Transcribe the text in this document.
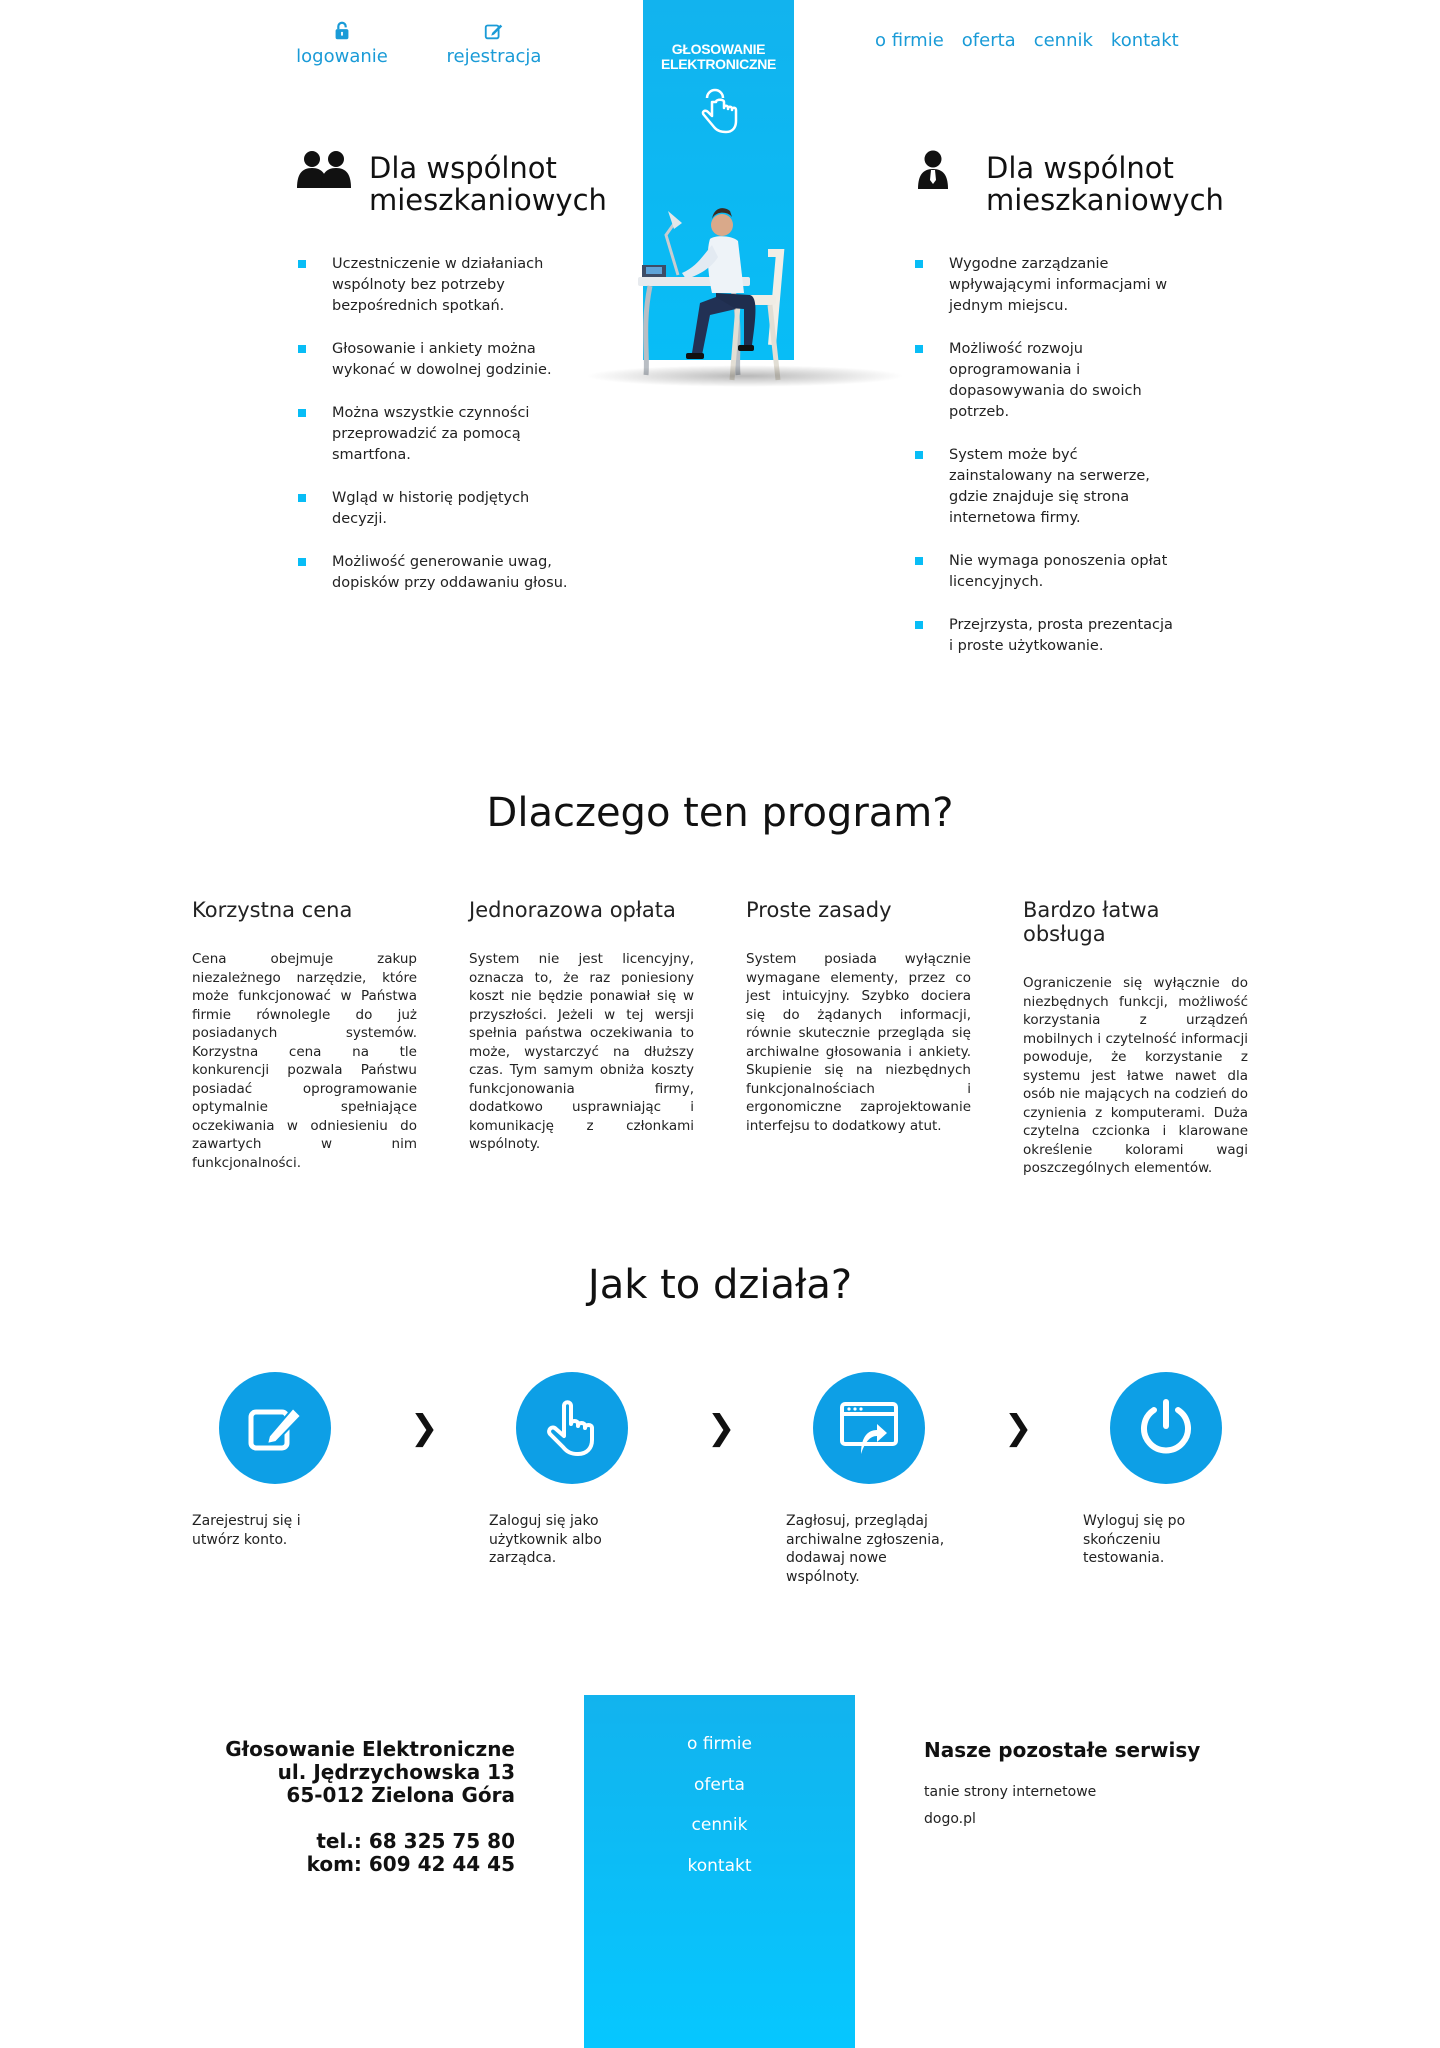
logowanie	rejestracja
o firmie oferta cennik kontakt
GŁOSOWANIE
ELEKTRONICZNE
Dla wspólnot
mieszkaniowych
Uczestniczenie w działaniach wspólnoty bez potrzeby bezpośrednich spotkań.
Głosowanie i ankiety można wykonać w dowolnej godzinie.
Można wszystkie czynności przeprowadzić za pomocą smartfona.
Wgląd w historię podjętych decyzji.
Możliwość generowanie uwag, dopisków przy oddawaniu głosu.
Dla wspólnot
mieszkaniowych
Wygodne zarządzanie wpływającymi informacjami w jednym miejscu.
Możliwość rozwoju oprogramowania i dopasowywania do swoich potrzeb.
System może być zainstalowany na serwerze, gdzie znajduje się strona internetowa firmy.
Nie wymaga ponoszenia opłat licencyjnych.
Przejrzysta, prosta prezentacja i proste użytkowanie.
Dlaczego ten program?
Korzystna cena

Cena obejmuje zakup niezależnego narzędzie, które może funkcjonować w Państwa firmie równolegle do już posiadanych systemów. Korzystna cena na tle konkurencji pozwala Państwu posiadać oprogramowanie optymalnie spełniające oczekiwania w odniesieniu do zawartych w nim funkcjonalności.

Jednorazowa opłata

System nie jest licencyjny, oznacza to, że raz poniesiony koszt nie będzie ponawiał się w przyszłości. Jeżeli w tej wersji spełnia państwa oczekiwania to może, wystarczyć na dłuższy czas. Tym samym obniża koszty funkcjonowania firmy, dodatkowo usprawniając i komunikację z członkami wspólnoty.

Proste zasady

System posiada wyłącznie wymagane elementy, przez co jest intuicyjny. Szybko dociera się do żądanych informacji, równie skutecznie przegląda się archiwalne głosowania i ankiety. Skupienie się na niezbędnych funkcjonalnościach i ergonomiczne zaprojektowanie interfejsu to dodatkowy atut.

Bardzo łatwa obsługa

Ograniczenie się wyłącznie do niezbędnych funkcji, możliwość korzystania z urządzeń mobilnych i czytelność informacji powoduje, że korzystanie z systemu jest łatwe nawet dla osób nie mających na codzień do czynienia z komputerami. Duża czytelna czcionka i klarowane określenie kolorami wagi poszczególnych elementów.

Jak to działa?
❯	❯	❯
Zarejestruj się i utwórz konto.
Zaloguj się jako użytkownik albo zarządca.
Zagłosuj, przeglądaj archiwalne zgłoszenia, dodawaj nowe wspólnoty.
Wyloguj się po skończeniu testowania.
Głosowanie Elektroniczne
ul. Jędrzychowska 13
65-012 Zielona Góra
tel.: 68 325 75 80
kom: 609 42 44 45
o firmie
oferta
cennik
kontakt
Nasze pozostałe serwisy
tanie strony internetowe
dogo.pl
